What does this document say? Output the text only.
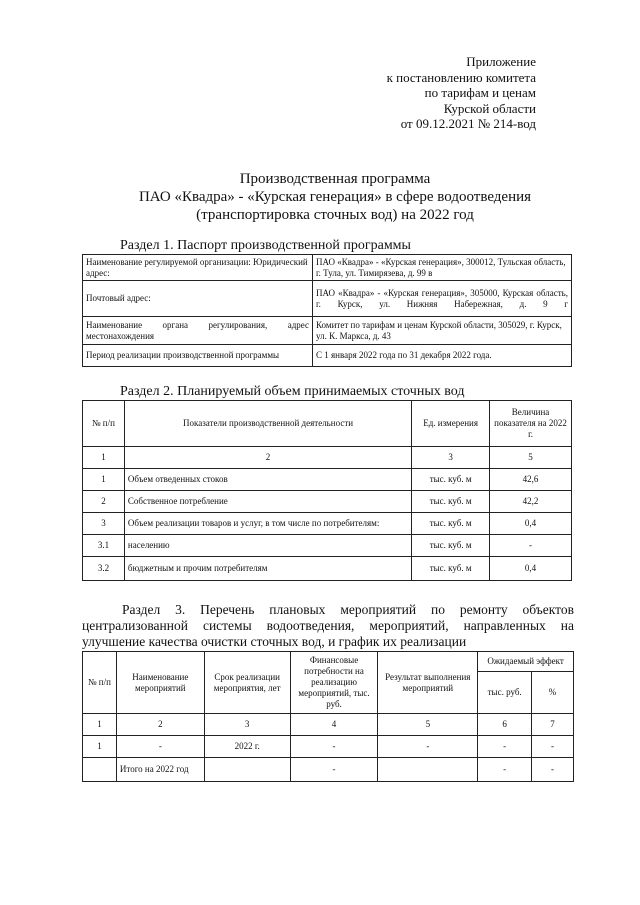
Приложение
к постановлению комитета
по тарифам и ценам
Курской области
от 09.12.2021 № 214-вод
Производственная программа
ПАО «Квадра» - «Курская генерация» в сфере водоотведения
(транспортировка сточных вод) на 2022 год
Раздел 1. Паспорт производственной программы
Наименование регулируемой организации: Юридический адрес:	ПАО «Квадра» - «Курская генерация», 300012, Тульская область, г. Тула, ул. Тимирязева, д. 99 в
Почтовый адрес:	ПАО «Квадра» - «Курская генерация», 305000, Курская область, г. Курск, ул. Нижняя Набережная, д. 9 г
Наименование органа регулирования, адрес местонахождения	Комитет по тарифам и ценам Курской области, 305029, г. Курск, ул. К. Маркса, д. 43
Период реализации производственной программы	С 1 января 2022 года по 31 декабря 2022 года.
Раздел 2. Планируемый объем принимаемых сточных вод
№ п/п	Показатели производственной деятельности	Ед. измерения	Величина показателя на 2022 г.
1	2	3	5
1	Объем отведенных стоков	тыс. куб. м	42,6
2	Собственное потребление	тыс. куб. м	42,2
3	Объем реализации товаров и услуг, в том числе по потребителям:	тыс. куб. м	0,4
3.1	населению	тыс. куб. м	-
3.2	бюджетным и прочим потребителям	тыс. куб. м	0,4

Раздел 3. Перечень плановых мероприятий по ремонту объектов

централизованной системы водоотведения, мероприятий, направленных на

улучшение качества очистки сточных вод, и график их реализации

№ п/п	Наименование мероприятий	Срок реализации мероприятия, лет	Финансовые потребности на реализацию мероприятий, тыс. руб.	Результат выполнения мероприятий	Ожидаемый эффект	
					тыс. руб.	%
1	2	3	4	5	6	7
1	-	2022 г.	-	-	-	-
	Итого на 2022 год		-		-	-
